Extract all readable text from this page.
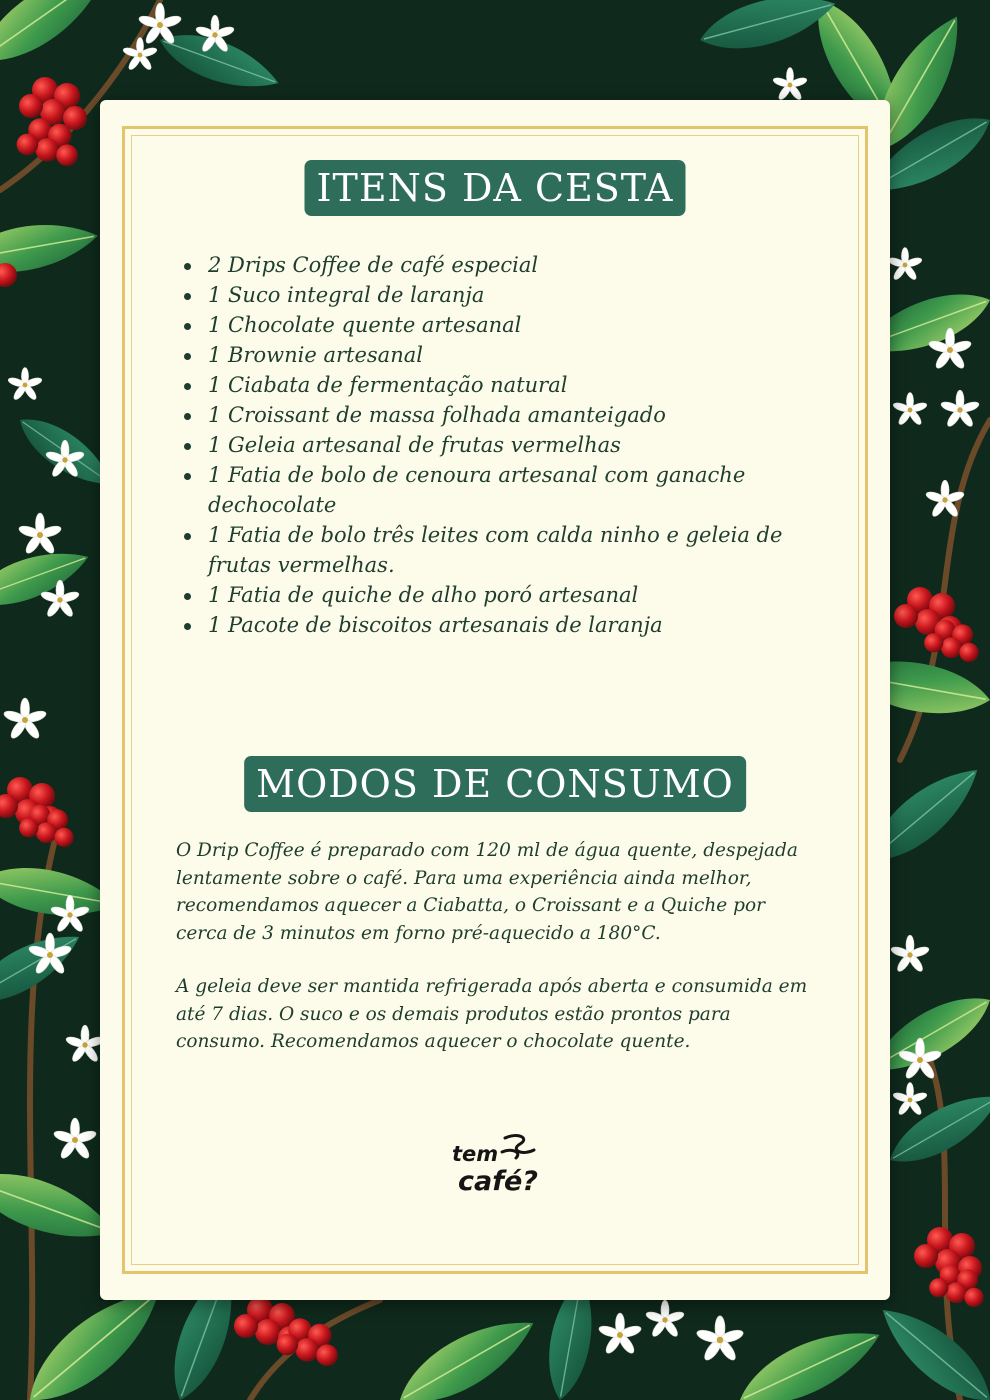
ITENS DA CESTA
2 Drips Coffee de café especial
1 Suco integral de laranja
1 Chocolate quente artesanal
1 Brownie artesanal
1 Ciabata de fermentação natural
1 Croissant de massa folhada amanteigado
1 Geleia artesanal de frutas vermelhas
1 Fatia de bolo de cenoura artesanal com ganache dechocolate
1 Fatia de bolo três leites com calda ninho e geleia de frutas vermelhas.
1 Fatia de quiche de alho poró artesanal
1 Pacote de biscoitos artesanais de laranja
MODOS DE CONSUMO

O Drip Coffee é preparado com 120 ml de água quente, despejada lentamente sobre o café. Para uma experiência ainda melhor, recomendamos aquecer a Ciabatta, o Croissant e a Quiche por cerca de 3 minutos em forno pré-aquecido a 180°C.

A geleia deve ser mantida refrigerada após aberta e consumida em até 7 dias. O suco e os demais produtos estão prontos para consumo. Recomendamos aquecer o chocolate quente.

tem
café?
